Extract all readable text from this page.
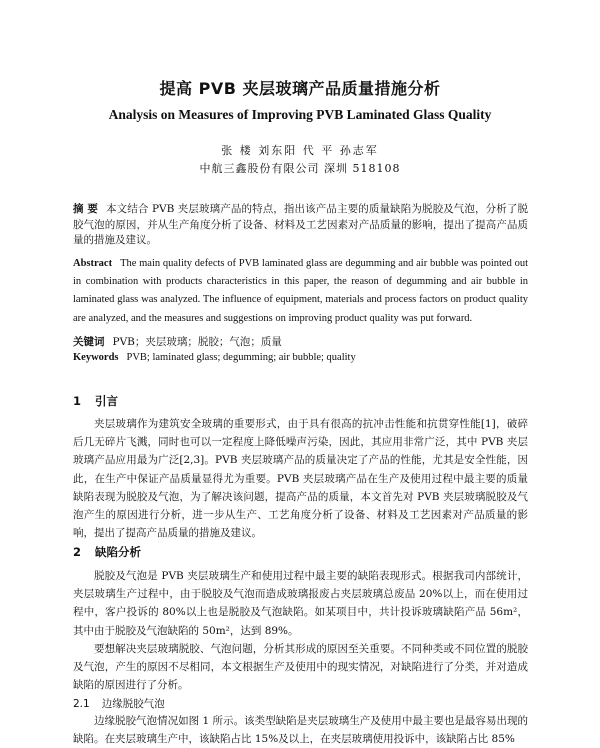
提高 PVB 夹层玻璃产品质量措施分析
Analysis on Measures of Improving PVB Laminated Glass Quality
张 楼 刘东阳 代 平 孙志军
中航三鑫股份有限公司 深圳 518108
摘 要 本文结合 PVB 夹层玻璃产品的特点，指出该产品主要的质量缺陷为脱胶及气泡，分析了脱胶气泡的原因，并从生产角度分析了设备、材料及工艺因素对产品质量的影响，提出了提高产品质量的措施及建议。
Abstract The main quality defects of PVB laminated glass are degumming and air bubble was pointed out in combination with products characteristics in this paper, the reason of degumming and air bubble in laminated glass was analyzed. The influence of equipment, materials and process factors on product quality are analyzed, and the measures and suggestions on improving product quality was put forward.
关键词 PVB；夹层玻璃；脱胶；气泡；质量
Keywords PVB; laminated glass; degumming; air bubble; quality
1 引言
夹层玻璃作为建筑安全玻璃的重要形式，由于具有很高的抗冲击性能和抗贯穿性能[1]，破碎后几无碎片飞溅，同时也可以一定程度上降低噪声污染，因此，其应用非常广泛，其中 PVB 夹层玻璃产品应用最为广泛[2,3]。PVB 夹层玻璃产品的质量决定了产品的性能，尤其是安全性能，因此，在生产中保证产品质量显得尤为重要。PVB 夹层玻璃产品在生产及使用过程中最主要的质量缺陷表现为脱胶及气泡，为了解决该问题，提高产品的质量，本文首先对 PVB 夹层玻璃脱胶及气泡产生的原因进行分析，进一步从生产、工艺角度分析了设备、材料及工艺因素对产品质量的影响，提出了提高产品质量的措施及建议。
2 缺陷分析
脱胶及气泡是 PVB 夹层玻璃生产和使用过程中最主要的缺陷表现形式。根据我司内部统计，夹层玻璃生产过程中，由于脱胶及气泡而造成玻璃报废占夹层玻璃总废品 20%以上，而在使用过程中，客户投诉的 80%以上也是脱胶及气泡缺陷。如某项目中，共计投诉玻璃缺陷产品 56m²，其中由于脱胶及气泡缺陷的 50m²，达到 89%。
要想解决夹层玻璃脱胶、气泡问题，分析其形成的原因至关重要。不同种类或不同位置的脱胶及气泡，产生的原因不尽相同，本文根据生产及使用中的现实情况，对缺陷进行了分类，并对造成缺陷的原因进行了分析。
2.1 边缘脱胶气泡
边缘脱胶气泡情况如图 1 所示。该类型缺陷是夹层玻璃生产及使用中最主要也是最容易出现的缺陷。在夹层玻璃生产中，该缺陷占比 15%及以上，在夹层玻璃使用投诉中，该缺陷占比 85%
